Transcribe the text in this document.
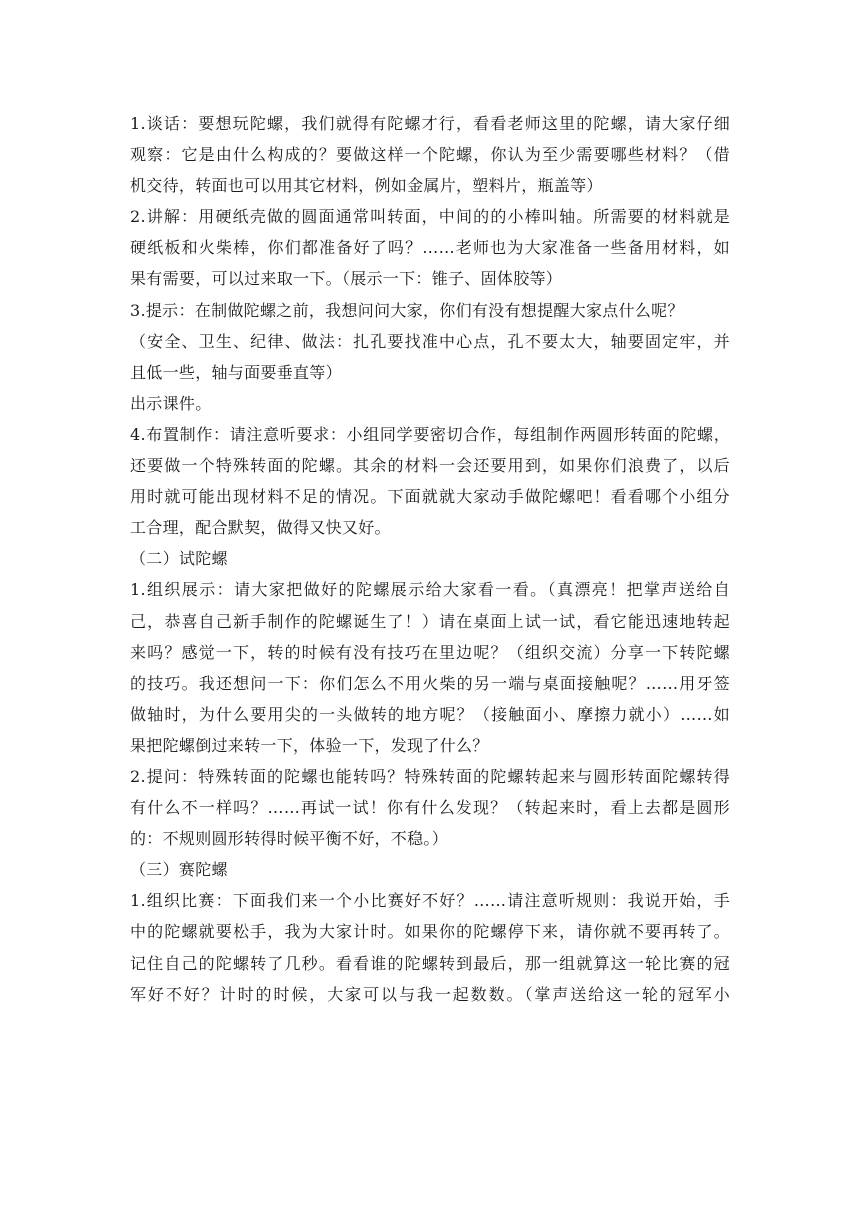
1.谈话：要想玩陀螺，我们就得有陀螺才行，看看老师这里的陀螺，请大家仔细
观察：它是由什么构成的？要做这样一个陀螺，你认为至少需要哪些材料？（借
机交待，转面也可以用其它材料，例如金属片，塑料片，瓶盖等）
2.讲解：用硬纸壳做的圆面通常叫转面，中间的的小棒叫轴。所需要的材料就是
硬纸板和火柴棒，你们都准备好了吗？……老师也为大家准备一些备用材料，如
果有需要，可以过来取一下。（展示一下：锥子、固体胶等）
3.提示：在制做陀螺之前，我想问问大家，你们有没有想提醒大家点什么呢？
（安全、卫生、纪律、做法：扎孔要找准中心点，孔不要太大，轴要固定牢，并
且低一些，轴与面要垂直等）
出示课件。
4.布置制作：请注意听要求：小组同学要密切合作，每组制作两圆形转面的陀螺，
还要做一个特殊转面的陀螺。其余的材料一会还要用到，如果你们浪费了，以后
用时就可能出现材料不足的情况。下面就就大家动手做陀螺吧！看看哪个小组分
工合理，配合默契，做得又快又好。
（二）试陀螺
1.组织展示：请大家把做好的陀螺展示给大家看一看。（真漂亮！把掌声送给自
己，恭喜自己新手制作的陀螺诞生了！）请在桌面上试一试，看它能迅速地转起
来吗？感觉一下，转的时候有没有技巧在里边呢？（组织交流）分享一下转陀螺
的技巧。我还想问一下：你们怎么不用火柴的另一端与桌面接触呢？……用牙签
做轴时，为什么要用尖的一头做转的地方呢？（接触面小、摩擦力就小）……如
果把陀螺倒过来转一下，体验一下，发现了什么？
2.提问：特殊转面的陀螺也能转吗？特殊转面的陀螺转起来与圆形转面陀螺转得
有什么不一样吗？……再试一试！你有什么发现？（转起来时，看上去都是圆形
的：不规则圆形转得时候平衡不好，不稳。）
（三）赛陀螺
1.组织比赛：下面我们来一个小比赛好不好？……请注意听规则：我说开始，手
中的陀螺就要松手，我为大家计时。如果你的陀螺停下来，请你就不要再转了。
记住自己的陀螺转了几秒。看看谁的陀螺转到最后，那一组就算这一轮比赛的冠
军好不好？计时的时候，大家可以与我一起数数。（掌声送给这一轮的冠军小
